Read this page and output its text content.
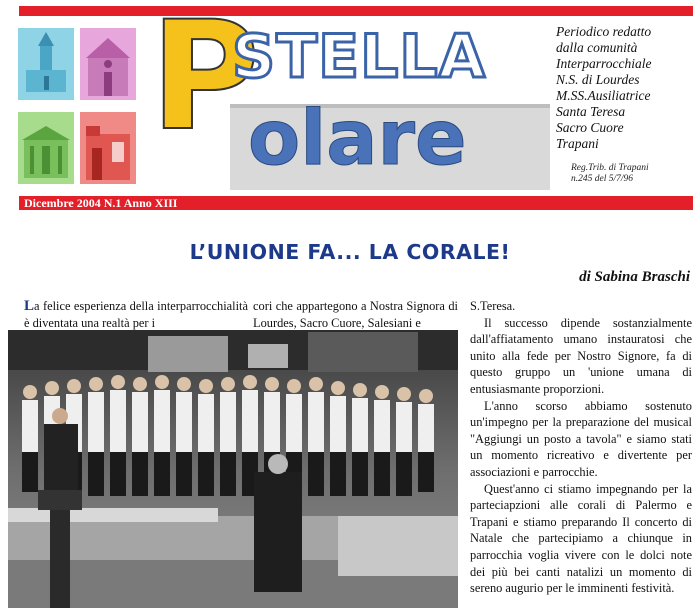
P
STELLA
olare
Periodico redatto
dalla comunità
Interparrocchiale
N.S. di Lourdes
M.SS.Ausiliatrice
Santa Teresa
Sacro Cuore
Trapani
Reg.Trib. di Trapani
n.245 del 5/7/96
Dicembre 2004 N.1 Anno XIII
L’UNIONE FA... LA CORALE!
di Sabina Braschi
La felice esperienza della interparrocchialità è diventata una realtà per i
cori che appartegono a Nostra Signora di Lourdes, Sacro Cuore, Salesiani e
S.Teresa.
Il successo dipende sostanzialmente dall'affiatamento umano instauratosi che unito alla fede per Nostro Signore, fa di questo gruppo un 'unione umana di entusiasmante proporzioni.
L'anno scorso abbiamo sostenuto un'impegno per la preparazione del musical "Aggiungi un posto a tavola" e siamo stati un momento ricreativo e divertente per associazioni e parrocchie.
Quest'anno ci stiamo impegnando per la parteciapzioni alle corali di Palermo e Trapani e stiamo preparando Il concerto di Natale che partecipiamo a chiunque in parrocchia voglia vivere con le dolci note dei più bei canti natalizi un momento di sereno augurio per le imminenti festività.
